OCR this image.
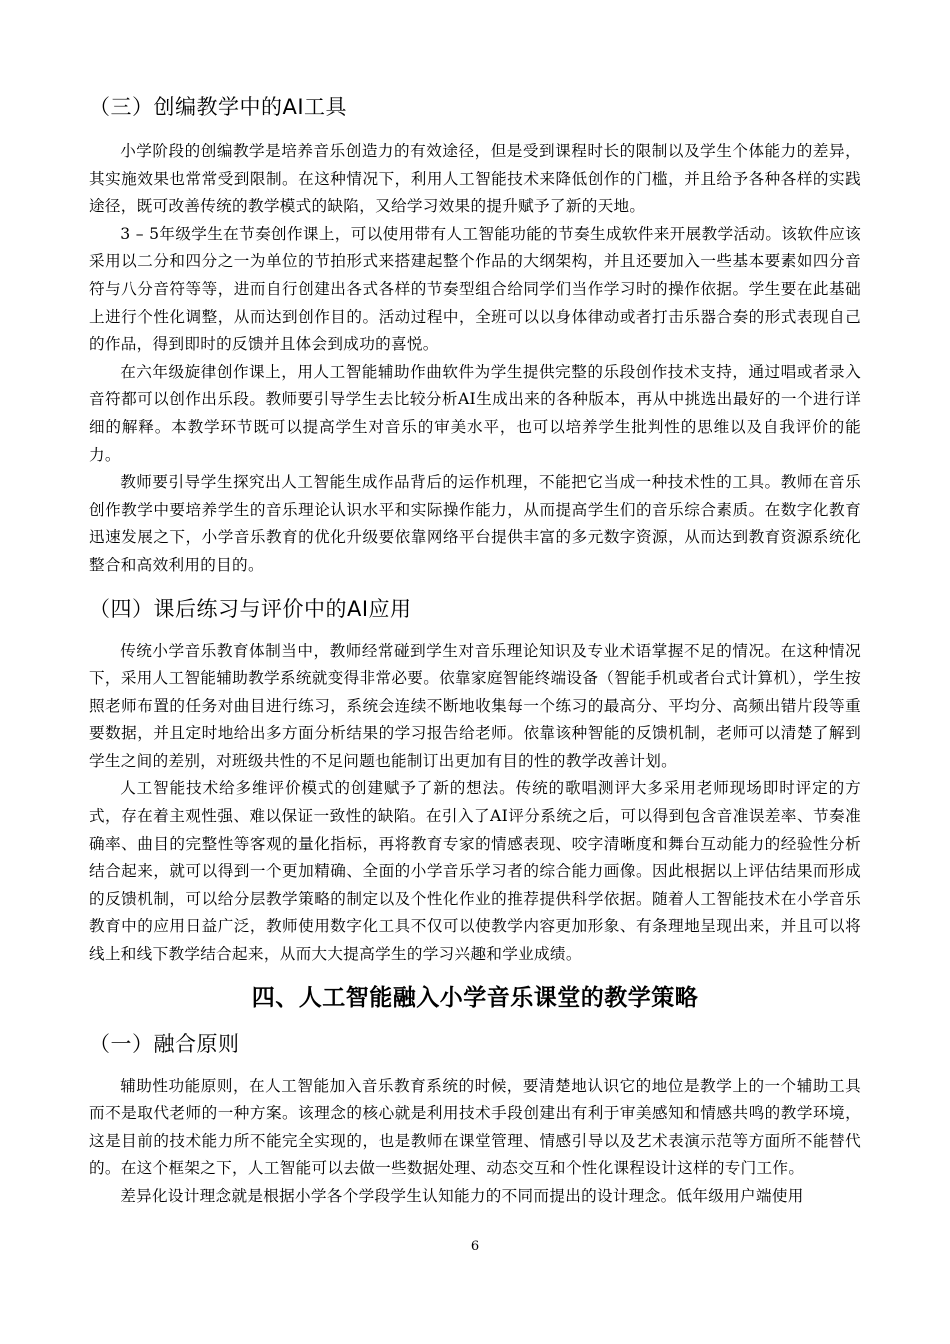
（三）创编教学中的AI工具

小学阶段的创编教学是培养音乐创造力的有效途径，但是受到课程时长的限制以及学生个体能力的差异，其实施效果也常常受到限制。在这种情况下，利用人工智能技术来降低创作的门槛，并且给予各种各样的实践途径，既可改善传统的教学模式的缺陷，又给学习效果的提升赋予了新的天地。

3 – 5年级学生在节奏创作课上，可以使用带有人工智能功能的节奏生成软件来开展教学活动。该软件应该采用以二分和四分之一为单位的节拍形式来搭建起整个作品的大纲架构，并且还要加入一些基本要素如四分音符与八分音符等等，进而自行创建出各式各样的节奏型组合给同学们当作学习时的操作依据。学生要在此基础上进行个性化调整，从而达到创作目的。活动过程中，全班可以以身体律动或者打击乐器合奏的形式表现自己的作品，得到即时的反馈并且体会到成功的喜悦。

在六年级旋律创作课上，用人工智能辅助作曲软件为学生提供完整的乐段创作技术支持，通过唱或者录入音符都可以创作出乐段。教师要引导学生去比较分析AI生成出来的各种版本，再从中挑选出最好的一个进行详细的解释。本教学环节既可以提高学生对音乐的审美水平，也可以培养学生批判性的思维以及自我评价的能力。

教师要引导学生探究出人工智能生成作品背后的运作机理，不能把它当成一种技术性的工具。教师在音乐创作教学中要培养学生的音乐理论认识水平和实际操作能力，从而提高学生们的音乐综合素质。在数字化教育迅速发展之下，小学音乐教育的优化升级要依靠网络平台提供丰富的多元数字资源，从而达到教育资源系统化整合和高效利用的目的。

（四）课后练习与评价中的AI应用

传统小学音乐教育体制当中，教师经常碰到学生对音乐理论知识及专业术语掌握不足的情况。在这种情况下，采用人工智能辅助教学系统就变得非常必要。依靠家庭智能终端设备（智能手机或者台式计算机），学生按照老师布置的任务对曲目进行练习，系统会连续不断地收集每一个练习的最高分、平均分、高频出错片段等重要数据，并且定时地给出多方面分析结果的学习报告给老师。依靠该种智能的反馈机制，老师可以清楚了解到学生之间的差别，对班级共性的不足问题也能制订出更加有目的性的教学改善计划。

人工智能技术给多维评价模式的创建赋予了新的想法。传统的歌唱测评大多采用老师现场即时评定的方式，存在着主观性强、难以保证一致性的缺陷。在引入了AI评分系统之后，可以得到包含音准误差率、节奏准确率、曲目的完整性等客观的量化指标，再将教育专家的情感表现、咬字清晰度和舞台互动能力的经验性分析结合起来，就可以得到一个更加精确、全面的小学音乐学习者的综合能力画像。因此根据以上评估结果而形成的反馈机制，可以给分层教学策略的制定以及个性化作业的推荐提供科学依据。随着人工智能技术在小学音乐教育中的应用日益广泛，教师使用数字化工具不仅可以使教学内容更加形象、有条理地呈现出来，并且可以将线上和线下教学结合起来，从而大大提高学生的学习兴趣和学业成绩。

四、人工智能融入小学音乐课堂的教学策略
（一）融合原则

辅助性功能原则，在人工智能加入音乐教育系统的时候，要清楚地认识它的地位是教学上的一个辅助工具而不是取代老师的一种方案。该理念的核心就是利用技术手段创建出有利于审美感知和情感共鸣的教学环境，这是目前的技术能力所不能完全实现的，也是教师在课堂管理、情感引导以及艺术表演示范等方面所不能替代的。在这个框架之下，人工智能可以去做一些数据处理、动态交互和个性化课程设计这样的专门工作。

差异化设计理念就是根据小学各个学段学生认知能力的不同而提出的设计理念。低年级用户端使用

6
